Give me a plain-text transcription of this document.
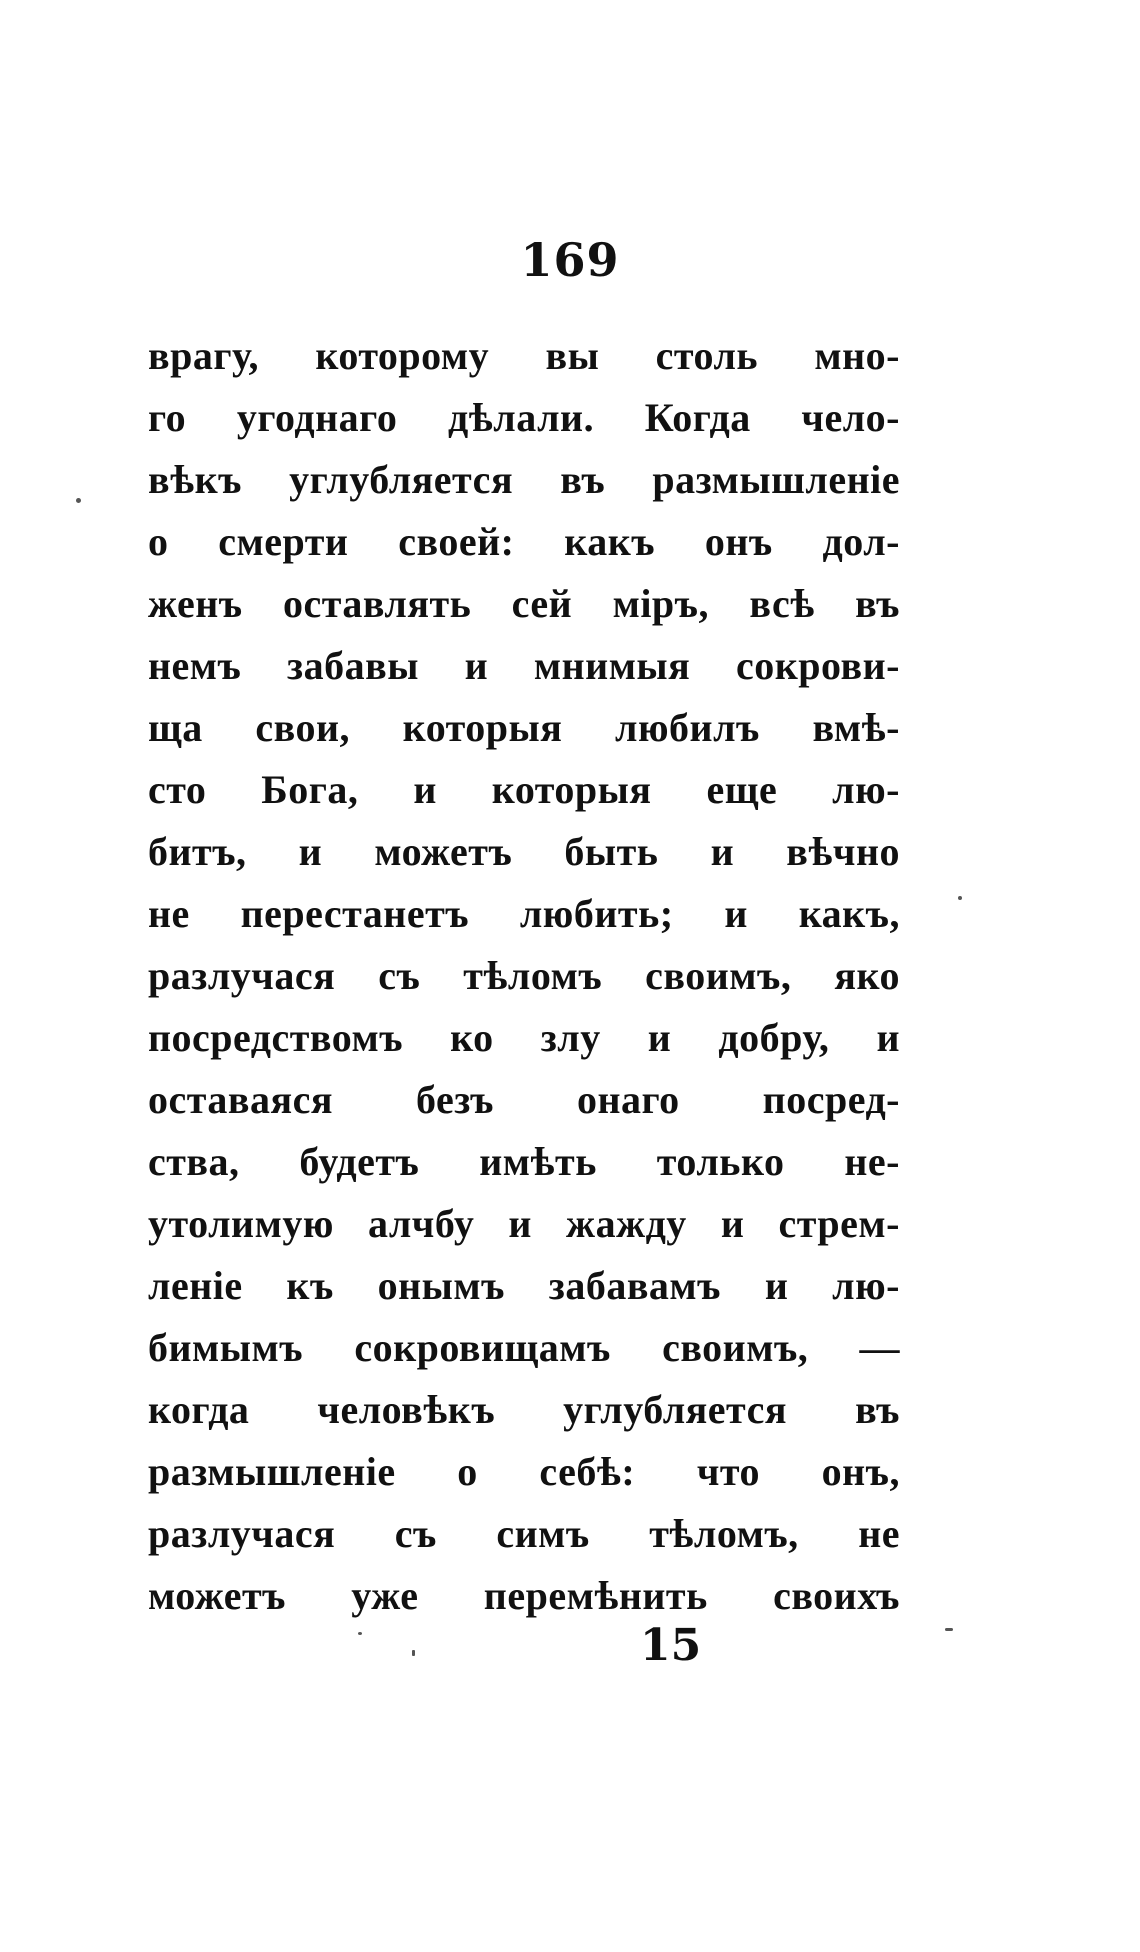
169
врагу, которому вы столь мно-
го угоднаго дѣлали. Когда чело-
вѣкъ углубляется въ размышленіе
о смерти своей: какъ онъ дол-
женъ оставлять сей міръ, всѣ въ
немъ забавы и мнимыя сокрови-
ща свои, которыя любилъ вмѣ-
сто Бога, и которыя еще лю-
битъ, и можетъ быть и вѣчно
не перестанетъ любить; и какъ,
разлучася съ тѣломъ своимъ, яко
посредствомъ ко злу и добру, и
оставаяся безъ онаго посред-
ства, будетъ имѣть только не-
утолимую алчбу и жажду и стрем-
леніе къ онымъ забавамъ и лю-
бимымъ сокровищамъ своимъ, —
когда человѣкъ углубляется въ
размышленіе о себѣ: что онъ,
разлучася съ симъ тѣломъ, не
можетъ уже перемѣнить своихъ
15
